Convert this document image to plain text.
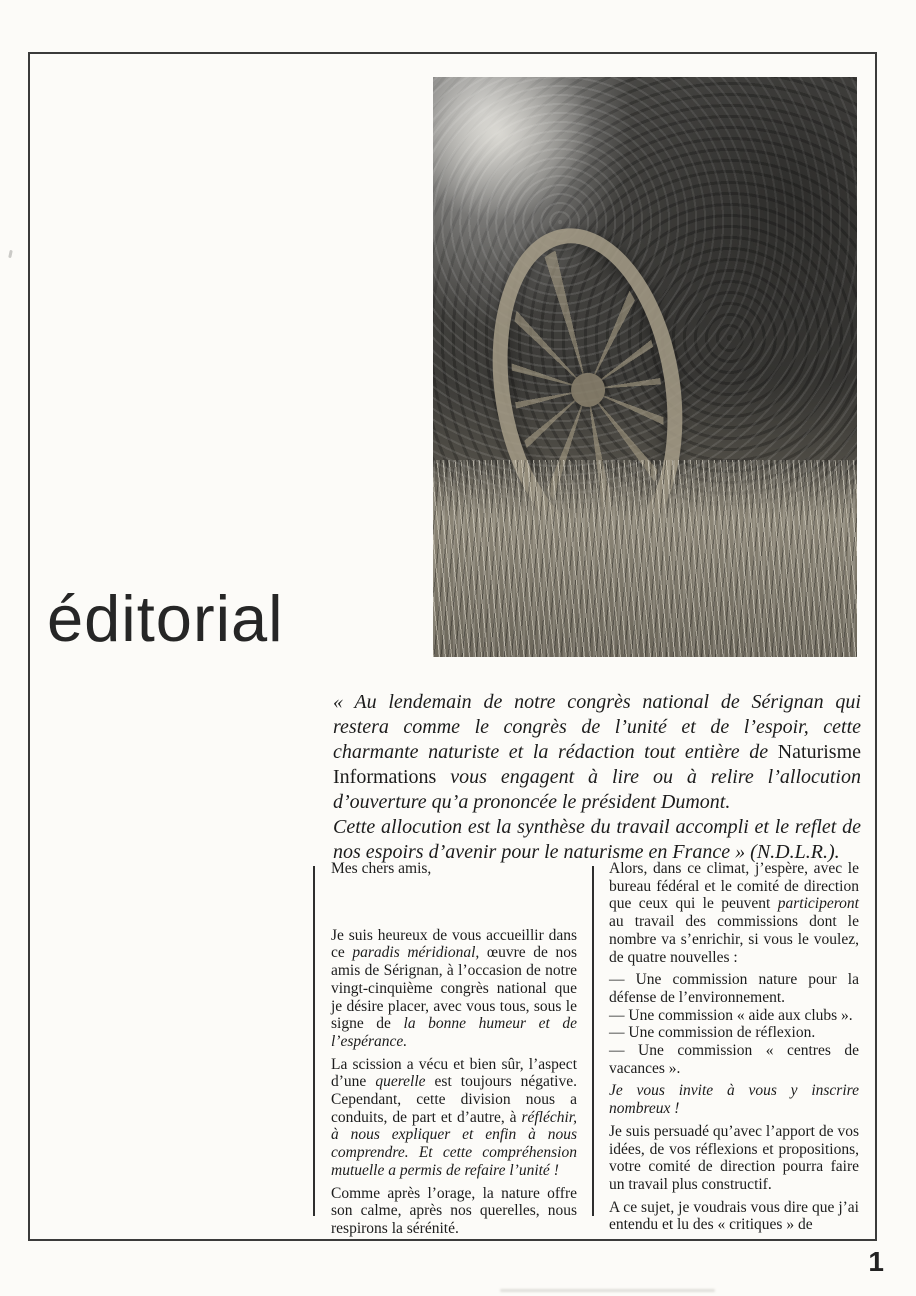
éditorial

« Au lendemain de notre congrès national de Sérignan qui restera comme le congrès de l’unité et de l’espoir, cette charmante naturiste et la rédaction tout entière de Naturisme Informations vous engagent à lire ou à relire l’allocution d’ouverture qu’a prononcée le président Dumont.

Cette allocution est la synthèse du travail accompli et le reflet de nos espoirs d’avenir pour le naturisme en France » (N.D.L.R.).

Mes chers amis,

Je suis heureux de vous accueillir dans ce paradis méridional, œuvre de nos amis de Sérignan, à l’occasion de notre vingt-cinquième congrès national que je désire placer, avec vous tous, sous le signe de la bonne humeur et de l’espérance.

La scission a vécu et bien sûr, l’aspect d’une querelle est toujours négative. Cependant, cette division nous a conduits, de part et d’autre, à réfléchir, à nous expliquer et enfin à nous comprendre. Et cette compréhension mutuelle a permis de refaire l’unité !

Comme après l’orage, la nature offre son calme, après nos querelles, nous respirons la sérénité.

Alors, dans ce climat, j’espère, avec le bureau fédéral et le comité de direction que ceux qui le peuvent participeront au travail des commissions dont le nombre va s’enrichir, si vous le voulez, de quatre nouvelles :

— Une commission nature pour la défense de l’environnement.

— Une commission « aide aux clubs ».

— Une commission de réflexion.

— Une commission « centres de vacances ».

Je vous invite à vous y inscrire nombreux !

Je suis persuadé qu’avec l’apport de vos idées, de vos réflexions et propositions, votre comité de direction pourra faire un travail plus constructif.

A ce sujet, je voudrais vous dire que j’ai entendu et lu des « critiques » de

1
